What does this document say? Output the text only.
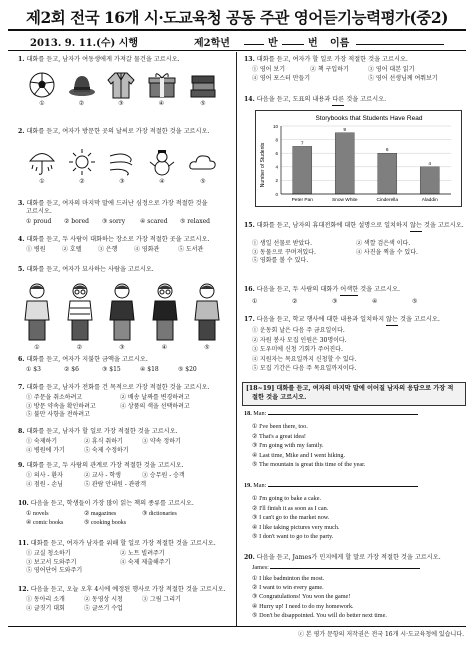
제2회 전국 16개 시·도교육청 공동 주관 영어듣기능력평가(중2)
2013. 9. 11.(수) 시행	제2학년	반	번 이름
1. 대화를 듣고, 남자가 여동생에게 가져갈 물건을 고르시오.
①	②	③	④	⑤
2. 대화를 듣고, 여자가 방문한 곳의 날씨로 가장 적절한 것을 고르시오.
①	②	③	④	⑤
3. 대화를 듣고, 여자의 마지막 말에 드러난 심정으로 가장 적절한 것을
고르시오.
① proud ② bored ③ sorry ④ scared ⑤ relaxed
4. 대화를 듣고, 두 사람이 대화하는 장소로 가장 적절한 곳을 고르시오.
① 병원	② 호텔	③ 은행	④ 영화관	⑤ 도서관
5. 대화를 듣고, 여자가 묘사하는 사람을 고르시오.
①	②	③	④	⑤
6. 대화를 듣고, 여자가 지불한 금액을 고르시오.
① $3	② $6	③ $15	④ $18	⑤ $20
7. 대화를 듣고, 남자가 전화를 건 목적으로 가장 적절한 것을 고르시오.
① 주문을 취소하려고	② 배송 날짜를 변경하려고
③ 방문 약속을 확인하려고	④ 상품의 색을 선택하려고
⑤ 불만 사항을 전하려고
8. 대화를 듣고, 남자가 할 일로 가장 적절한 것을 고르시오.
① 숙제하기	② 휴식 취하기	③ 약속 정하기
④ 병원에 가기	⑤ 숙제 수정하기
9. 대화를 듣고, 두 사람의 관계로 가장 적절한 것을 고르시오.
① 의사 - 환자	② 교사 - 학생	③ 승무원 - 승객
④ 점원 - 손님	⑤ 관람 안내원 - 관광객
10. 다음을 듣고, 학생들이 가장 많이 읽는 책의 종류를 고르시오.
① novels	② magazines	③ dictionaries
④ comic books	⑤ cooking books
11. 대화를 듣고, 여자가 남자를 위해 할 일로 가장 적절한 것을 고르시오.
① 교실 청소하기	② 노트 빌려주기
③ 보고서 도와주기	④ 숙제 제출해주기
⑤ 영어단어 도와주기
12. 다음을 듣고, 오늘 오후 4시에 예정된 행사로 가장 적절한 것을 고르시오.
① 동아리 소개	② 동영상 시청	③ 그림 그리기
④ 글짓기 대회	⑤ 글쓰기 수업
13. 대화를 듣고, 여자가 할 일로 가장 적절한 것을 고르시오.
① 영어 보기	② 책 구입하기	③ 영어 대본 읽기
④ 영어 포스터 만들기	⑤ 영어 선생님께 여쭤보기
14. 다음을 듣고, 도표의 내용과 다른 것을 고르시오.
Storybooks that Students Have Read
Number of Students	7
9
6
4
0
2
4
6
8
10
Peter Pan	Snow White	Cinderella	Aladdin
15. 대화를 듣고, 남자의 휴대전화에 대한 설명으로 일치하지 않는 것을 고르시오.
① 생일 선물로 받았다.	② 색깔 검은색 이다.
③ 동물으로 꾸며져있다.	④ 사진을 찍을 수 있다.
⑤ 영화를 볼 수 있다.
16. 다음을 듣고, 두 사람의 대화가 어색한 것을 고르시오.
①	②	③	④	⑤
17. 다음을 듣고, 학교 행사에 대한 내용과 일치하지 않는 것을 고르시오.
① 운동회 날은 다음 주 금요일이다.
② 자원 봉사 모집 인원은 30명이다.
③ 도우미에 신청 기회가 주어진다.
④ 지원자는 목요일까지 신청할 수 있다.
⑤ 모집 기간은 다음 주 목요일까지이다.
[18~19] 대화를 듣고, 여자의 마지막 말에 이어질 남자의 응답으로 가장 적
절한 것을 고르시오.
18. Man:
① I've been there, too.
② That's a great idea!
③ I'm going with my family.
④ Last time, Mike and I went hiking.
⑤ The mountain is great this time of the year.
19. Man:
① I'm going to bake a cake.
② I'll finish it as soon as I can.
③ I can't go to the market now.
④ I like taking pictures very much.
⑤ I don't want to go to the party.
20. 다음을 듣고, James가 민지에게 할 말로 가장 적절한 것을 고르시오.
James:
① I like badminton the most.
② I want to win every game.
③ Congratulations! You won the game!
④ Hurry up! I need to do my homework.
⑤ Don't be disappointed. You will do better next time.
ⓒ 본 평가 문항의 저작권은 전국 16개 시·도교육청에 있습니다.
